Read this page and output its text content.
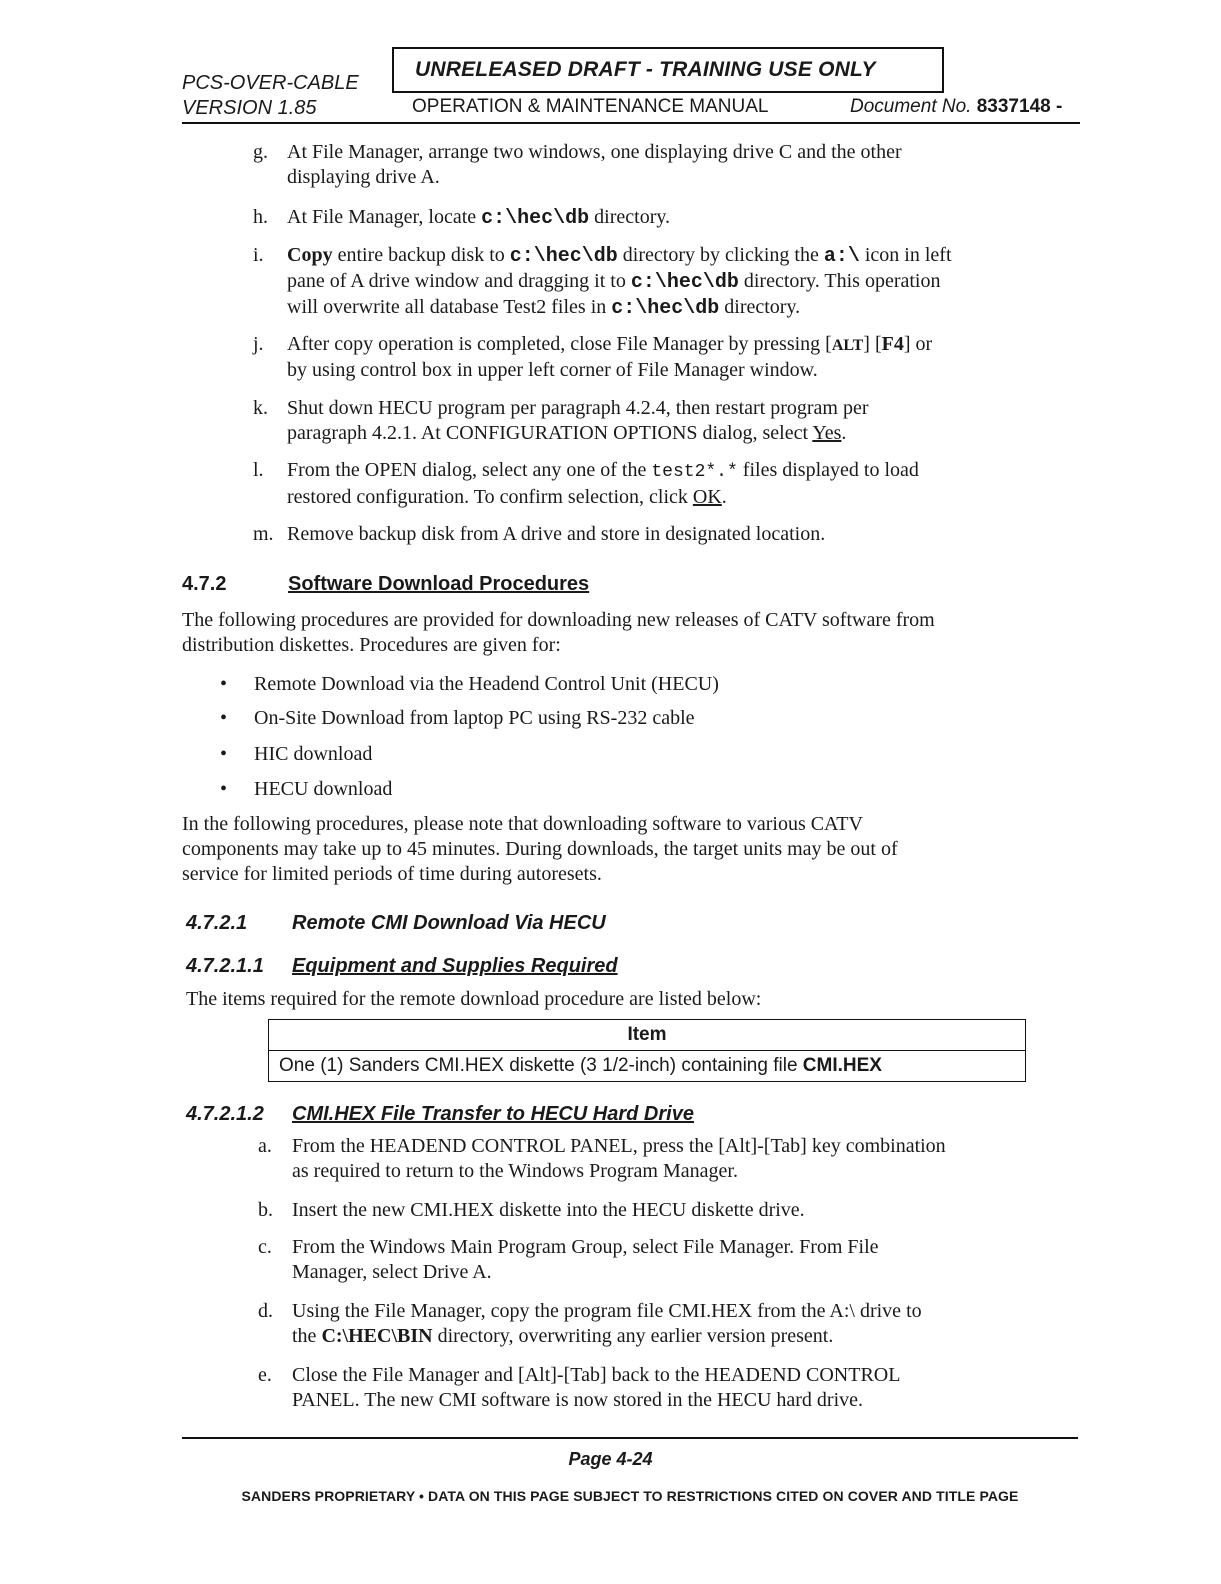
PCS-OVER-CABLE
VERSION 1.85
UNRELEASED DRAFT - TRAINING USE ONLY
OPERATION & MAINTENANCE MANUAL	Document No. 8337148 -
g. At File Manager, arrange two windows, one displaying drive C and the other
displaying drive A.
h. At File Manager, locate c:\hec\db directory.
i.	Copy entire backup disk to c:\hec\db directory by clicking the a:\ icon in left
pane of A drive window and dragging it to c:\hec\db directory. This operation
will overwrite all database Test2 files in c:\hec\db directory.
j.	After copy operation is completed, close File Manager by pressing [ALT] [F4] or
by using control box in upper left corner of File Manager window.
k. Shut down HECU program per paragraph 4.2.4, then restart program per
paragraph 4.2.1. At CONFIGURATION OPTIONS dialog, select Yes.
l.	From the OPEN dialog, select any one of the test2*.* files displayed to load
restored configuration. To confirm selection, click OK.
m. Remove backup disk from A drive and store in designated location.
4.7.2	Software Download Procedures
The following procedures are provided for downloading new releases of CATV software from
distribution diskettes. Procedures are given for:
• Remote Download via the Headend Control Unit (HECU)
• On-Site Download from laptop PC using RS-232 cable
• HIC download
• HECU download
In the following procedures, please note that downloading software to various CATV
components may take up to 45 minutes. During downloads, the target units may be out of
service for limited periods of time during autoresets.
4.7.2.1 Remote CMI Download Via HECU
4.7.2.1.1 Equipment and Supplies Required
The items required for the remote download procedure are listed below:
Item
One (1) Sanders CMI.HEX diskette (3 1/2-inch) containing file CMI.HEX
4.7.2.1.2 CMI.HEX File Transfer to HECU Hard Drive
a.	From the HEADEND CONTROL PANEL, press the [Alt]-[Tab] key combination
as required to return to the Windows Program Manager.
b. Insert the new CMI.HEX diskette into the HECU diskette drive.
c.	From the Windows Main Program Group, select File Manager. From File
Manager, select Drive A.
d. Using the File Manager, copy the program file CMI.HEX from the A:\ drive to
the C:\HEC\BIN directory, overwriting any earlier version present.
e.	Close the File Manager and [Alt]-[Tab] back to the HEADEND CONTROL
PANEL. The new CMI software is now stored in the HECU hard drive.
Page 4-24
SANDERS PROPRIETARY • DATA ON THIS PAGE SUBJECT TO RESTRICTIONS CITED ON COVER AND TITLE PAGE
